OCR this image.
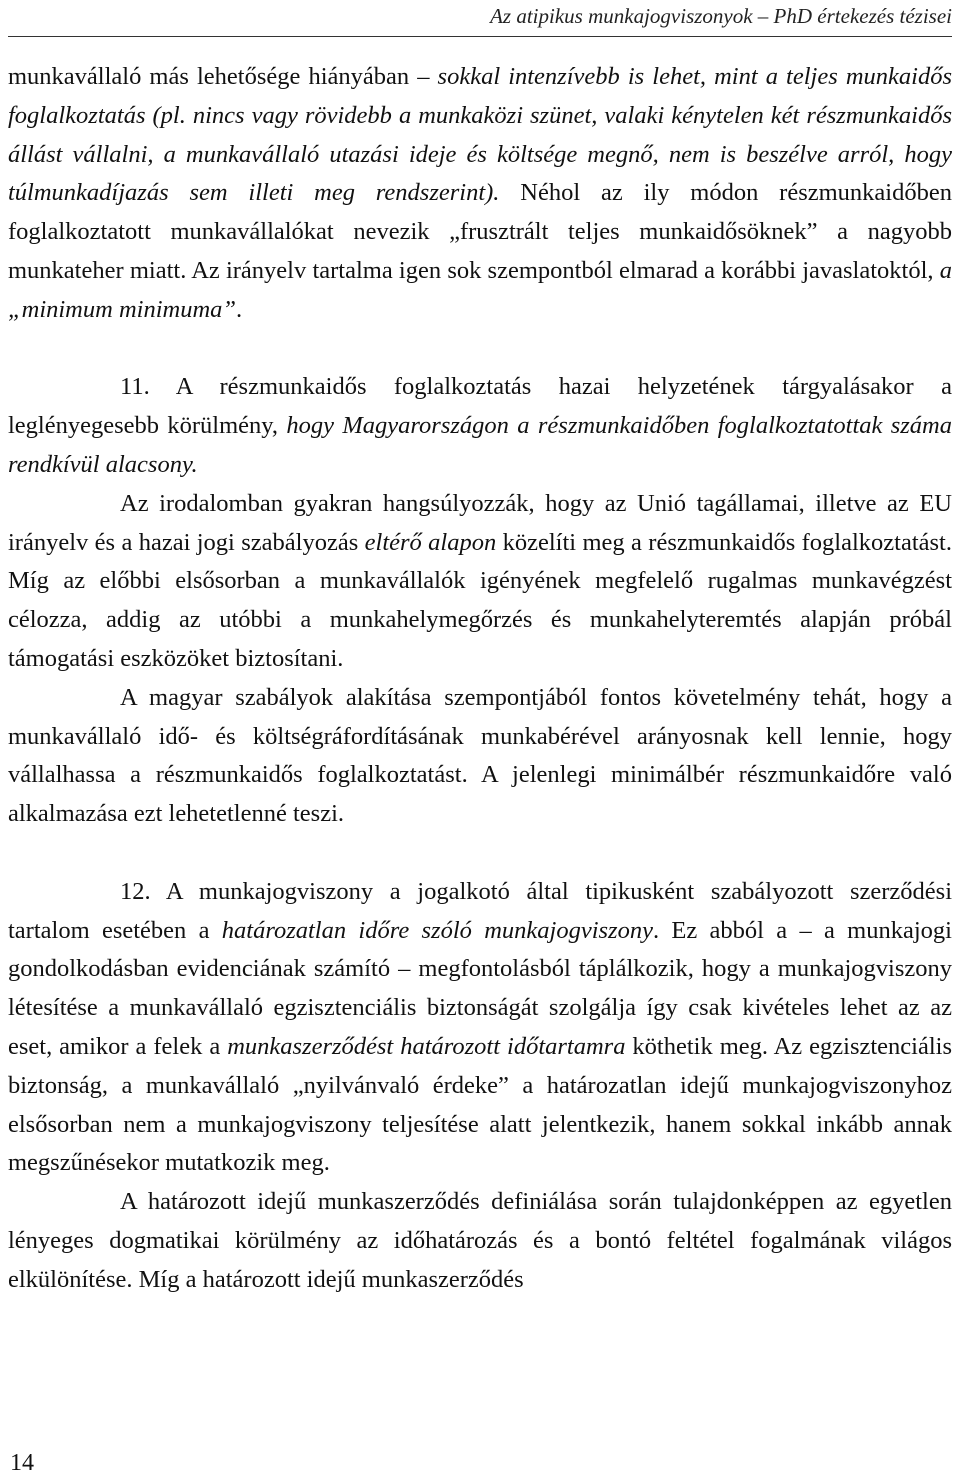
Az atipikus munkajogviszonyok – PhD értekezés tézisei

munkavállaló más lehetősége hiányában – sokkal intenzívebb is lehet, mint a teljes munkaidős foglalkoztatás (pl. nincs vagy rövidebb a munkaközi szünet, valaki kénytelen két részmunkaidős állást vállalni, a munkavállaló utazási ideje és költsége megnő, nem is beszélve arról, hogy túlmunkadíjazás sem illeti meg rendszerint). Néhol az ily módon részmunkaidőben foglalkoztatott munkavállalókat nevezik „frusztrált teljes munkaidősöknek” a nagyobb munkateher miatt. Az irányelv tartalma igen sok szempontból elmarad a korábbi javaslatoktól, a „minimum minimuma”.

11. A részmunkaidős foglalkoztatás hazai helyzetének tárgyalásakor a leglényegesebb körülmény, hogy Magyarországon a részmunkaidőben foglalkoztatottak száma rendkívül alacsony.

Az irodalomban gyakran hangsúlyozzák, hogy az Unió tagállamai, illetve az EU irányelv és a hazai jogi szabályozás eltérő alapon közelíti meg a részmunkaidős foglalkoztatást. Míg az előbbi elsősorban a munkavállalók igényének megfelelő rugalmas munkavégzést célozza, addig az utóbbi a munkahelymegőrzés és munkahelyteremtés alapján próbál támogatási eszközöket biztosítani.

A magyar szabályok alakítása szempontjából fontos követelmény tehát, hogy a munkavállaló idő- és költségráfordításának munkabérével arányosnak kell lennie, hogy vállalhassa a részmunkaidős foglalkoztatást. A jelenlegi minimálbér részmunkaidőre való alkalmazása ezt lehetetlenné teszi.

12. A munkajogviszony a jogalkotó által tipikusként szabályozott szerződési tartalom esetében a határozatlan időre szóló munkajogviszony. Ez abból a – a munkajogi gondolkodásban evidenciának számító – megfontolásból táplálkozik, hogy a munkajogviszony létesítése a munkavállaló egzisztenciális biztonságát szolgálja így csak kivételes lehet az az eset, amikor a felek a munkaszerződést határozott időtartamra köthetik meg. Az egzisztenciális biztonság, a munkavállaló „nyilvánvaló érdeke” a határozatlan idejű munkajogviszonyhoz elsősorban nem a munkajogviszony teljesítése alatt jelentkezik, hanem sokkal inkább annak megszűnésekor mutatkozik meg.

A határozott idejű munkaszerződés definiálása során tulajdonképpen az egyetlen lényeges dogmatikai körülmény az időhatározás és a bontó feltétel fogalmának világos elkülönítése. Míg a határozott idejű munkaszerződés

14
